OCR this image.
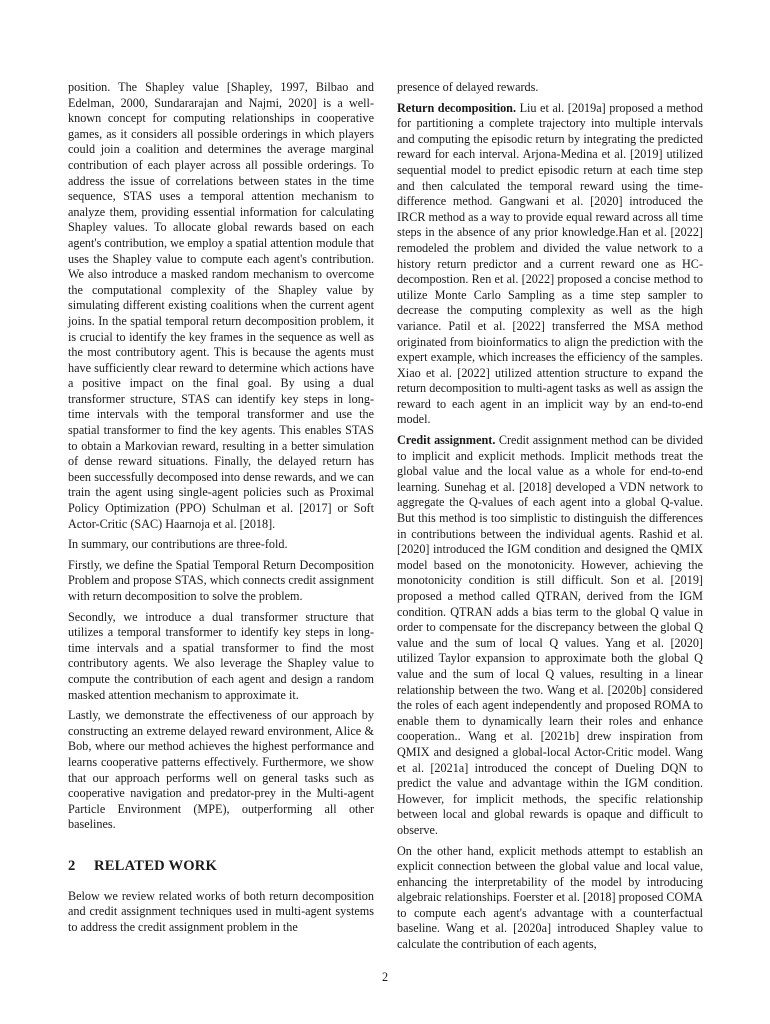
position. The Shapley value [Shapley, 1997, Bilbao and Edelman, 2000, Sundararajan and Najmi, 2020] is a well-known concept for computing relationships in cooperative games, as it considers all possible orderings in which players could join a coalition and determines the average marginal contribution of each player across all possible orderings. To address the issue of correlations between states in the time sequence, STAS uses a temporal attention mechanism to analyze them, providing essential information for calculating Shapley values. To allocate global rewards based on each agent's contribution, we employ a spatial attention module that uses the Shapley value to compute each agent's contribution. We also introduce a masked random mechanism to overcome the computational complexity of the Shapley value by simulating different existing coalitions when the current agent joins. In the spatial temporal return decomposition problem, it is crucial to identify the key frames in the sequence as well as the most contributory agent. This is because the agents must have sufficiently clear reward to determine which actions have a positive impact on the final goal. By using a dual transformer structure, STAS can identify key steps in long-time intervals with the temporal transformer and use the spatial transformer to find the key agents. This enables STAS to obtain a Markovian reward, resulting in a better simulation of dense reward situations. Finally, the delayed return has been successfully decomposed into dense rewards, and we can train the agent using single-agent policies such as Proximal Policy Optimization (PPO) Schulman et al. [2017] or Soft Actor-Critic (SAC) Haarnoja et al. [2018].

In summary, our contributions are three-fold.

Firstly, we define the Spatial Temporal Return Decomposition Problem and propose STAS, which connects credit assignment with return decomposition to solve the problem.

Secondly, we introduce a dual transformer structure that utilizes a temporal transformer to identify key steps in long-time intervals and a spatial transformer to find the most contributory agents. We also leverage the Shapley value to compute the contribution of each agent and design a random masked attention mechanism to approximate it.

Lastly, we demonstrate the effectiveness of our approach by constructing an extreme delayed reward environment, Alice & Bob, where our method achieves the highest performance and learns cooperative patterns effectively. Furthermore, we show that our approach performs well on general tasks such as cooperative navigation and predator-prey in the Multi-agent Particle Environment (MPE), outperforming all other baselines.

2 RELATED WORK

Below we review related works of both return decomposition and credit assignment techniques used in multi-agent systems to address the credit assignment problem in the

presence of delayed rewards.

Return decomposition. Liu et al. [2019a] proposed a method for partitioning a complete trajectory into multiple intervals and computing the episodic return by integrating the predicted reward for each interval. Arjona-Medina et al. [2019] utilized sequential model to predict episodic return at each time step and then calculated the temporal reward using the time-difference method. Gangwani et al. [2020] introduced the IRCR method as a way to provide equal reward across all time steps in the absence of any prior knowledge.Han et al. [2022] remodeled the problem and divided the value network to a history return predictor and a current reward one as HC-decompostion. Ren et al. [2022] proposed a concise method to utilize Monte Carlo Sampling as a time step sampler to decrease the computing complexity as well as the high variance. Patil et al. [2022] transferred the MSA method originated from bioinformatics to align the prediction with the expert example, which increases the efficiency of the samples. Xiao et al. [2022] utilized attention structure to expand the return decomposition to multi-agent tasks as well as assign the reward to each agent in an implicit way by an end-to-end model.

Credit assignment. Credit assignment method can be divided to implicit and explicit methods. Implicit methods treat the global value and the local value as a whole for end-to-end learning. Sunehag et al. [2018] developed a VDN network to aggregate the Q-values of each agent into a global Q-value. But this method is too simplistic to distinguish the differences in contributions between the individual agents. Rashid et al. [2020] introduced the IGM condition and designed the QMIX model based on the monotonicity. However, achieving the monotonicity condition is still difficult. Son et al. [2019] proposed a method called QTRAN, derived from the IGM condition. QTRAN adds a bias term to the global Q value in order to compensate for the discrepancy between the global Q value and the sum of local Q values. Yang et al. [2020] utilized Taylor expansion to approximate both the global Q value and the sum of local Q values, resulting in a linear relationship between the two. Wang et al. [2020b] considered the roles of each agent independently and proposed ROMA to enable them to dynamically learn their roles and enhance cooperation.. Wang et al. [2021b] drew inspiration from QMIX and designed a global-local Actor-Critic model. Wang et al. [2021a] introduced the concept of Dueling DQN to predict the value and advantage within the IGM condition. However, for implicit methods, the specific relationship between local and global rewards is opaque and difficult to observe.

On the other hand, explicit methods attempt to establish an explicit connection between the global value and local value, enhancing the interpretability of the model by introducing algebraic relationships. Foerster et al. [2018] proposed COMA to compute each agent's advantage with a counterfactual baseline. Wang et al. [2020a] introduced Shapley value to calculate the contribution of each agents,

2
